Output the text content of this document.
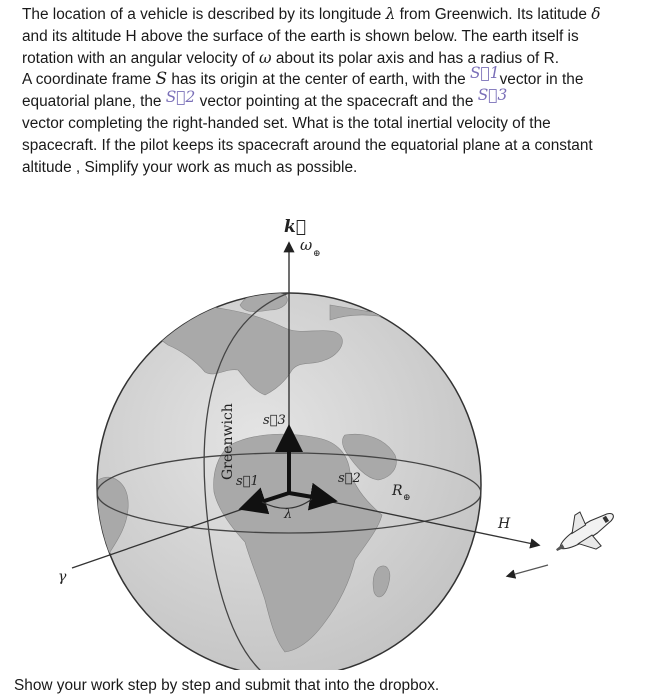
The location of a vehicle is described by its longitude λ from Greenwich. Its latitude δ

and its altitude H above the surface of the earth is shown below. The earth itself is

rotation with an angular velocity of ω about its polar axis and has a radius of R.

A coordinate frame S has its origin at the center of earth, with the S⃗1vector in the

equatorial plane, the S⃗2 vector pointing at the spacecraft and the S⃗3

vector completing the right-handed set. What is the total inertial velocity of the

spacecraft. If the pilot keeps its spacecraft around the equatorial plane at a constant

altitude , Simplify your work as much as possible.

k⃗
ω ⊕
Greenwich s⃗3
s⃗1	s⃗2
λ
R ⊕
H
γ
Show your work step by step and submit that into the dropbox.
